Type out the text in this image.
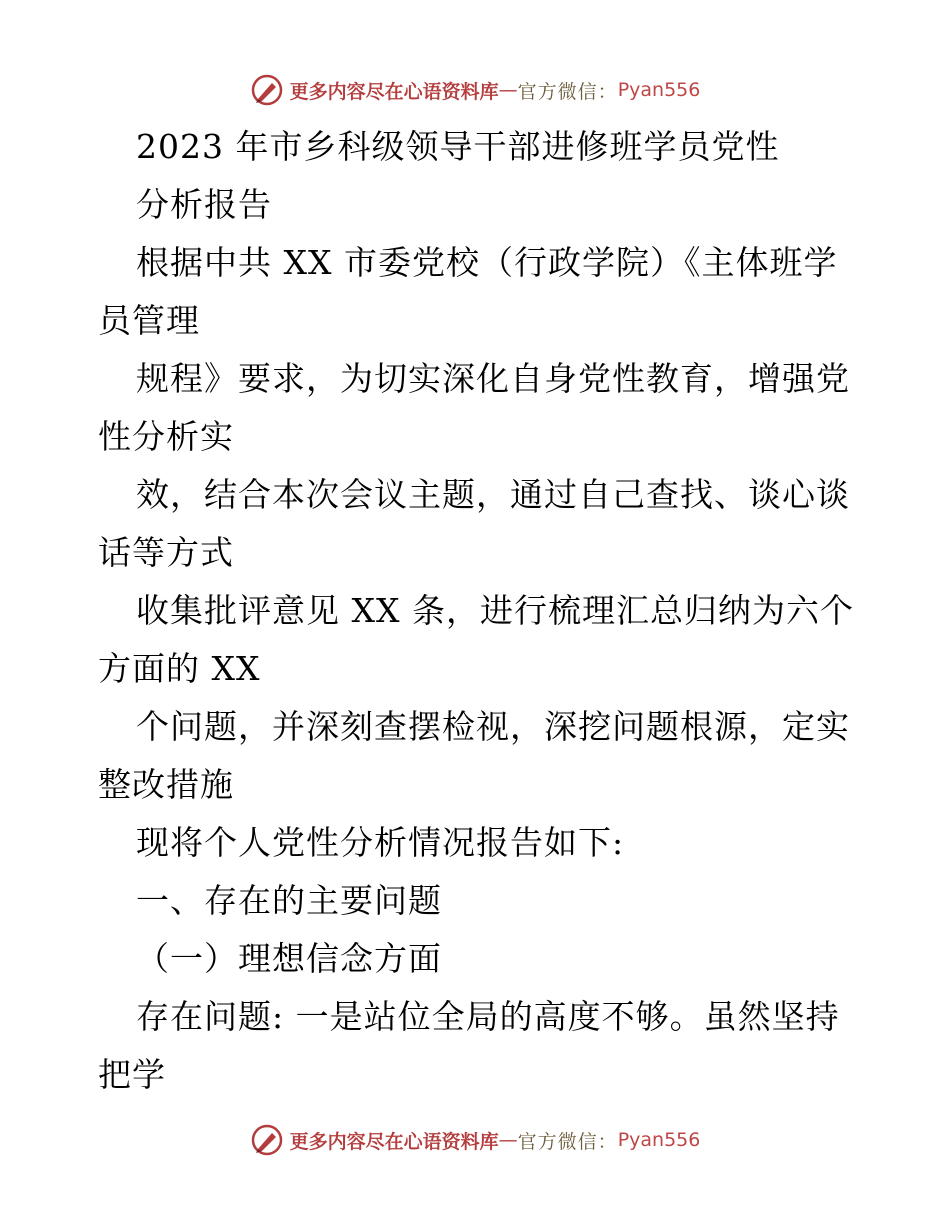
更多内容尽在心语资料库 — 官方微信： Pyan556
2023 年市乡科级领导干部进修班学员党性
分析报告
根据中共 XX 市委党校（行政学院）《主体班学
员管理
规程》要求，为切实深化自身党性教育，增强党
性分析实
效，结合本次会议主题，通过自己查找、谈心谈
话等方式
收集批评意见 XX 条，进行梳理汇总归纳为六个
方面的 XX
个问题，并深刻查摆检视，深挖问题根源，定实
整改措施
现将个人党性分析情况报告如下:
一、存在的主要问题
（一）理想信念方面
存在问题: 一是站位全局的高度不够。虽然坚持
把学
更多内容尽在心语资料库 — 官方微信： Pyan556
